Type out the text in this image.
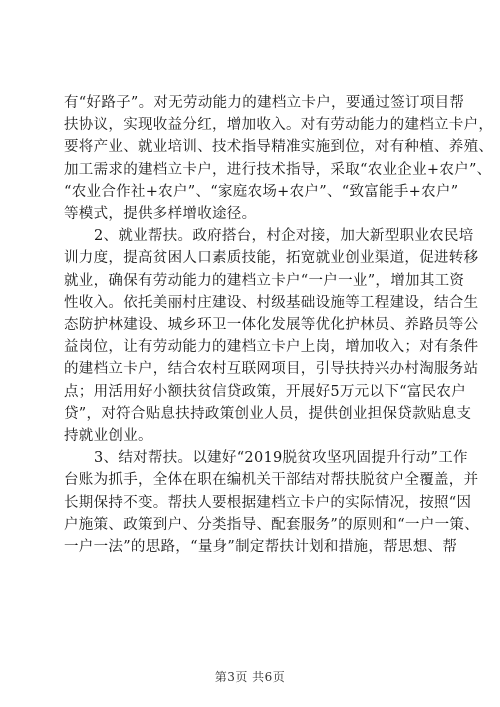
有“好路子”。对无劳动能力的建档立卡户，要通过签订项目帮
扶协议，实现收益分红，增加收入。对有劳动能力的建档立卡户，
要将产业、就业培训、技术指导精准实施到位，对有种植、养殖、
加工需求的建档立卡户，进行技术指导，采取“农业企业+农户”、
“农业合作社+农户”、“家庭农场+农户”、“致富能手+农户”
等模式，提供多样增收途径。

2、就业帮扶。政府搭台，村企对接，加大新型职业农民培
训力度，提高贫困人口素质技能，拓宽就业创业渠道，促进转移
就业，确保有劳动能力的建档立卡户“一户一业”，增加其工资
性收入。依托美丽村庄建设、村级基础设施等工程建设，结合生
态防护林建设、城乡环卫一体化发展等优化护林员、养路员等公
益岗位，让有劳动能力的建档立卡户上岗，增加收入；对有条件
的建档立卡户，结合农村互联网项目，引导扶持兴办村淘服务站
点；用活用好小额扶贫信贷政策，开展好5万元以下“富民农户
贷”，对符合贴息扶持政策创业人员，提供创业担保贷款贴息支
持就业创业。

3、结对帮扶。以建好“2019脱贫攻坚巩固提升行动”工作
台账为抓手，全体在职在编机关干部结对帮扶脱贫户全覆盖，并
长期保持不变。帮扶人要根据建档立卡户的实际情况，按照“因
户施策、政策到户、分类指导、配套服务”的原则和“一户一策、
一户一法”的思路，“量身”制定帮扶计划和措施，帮思想、帮

第3页 共6页
